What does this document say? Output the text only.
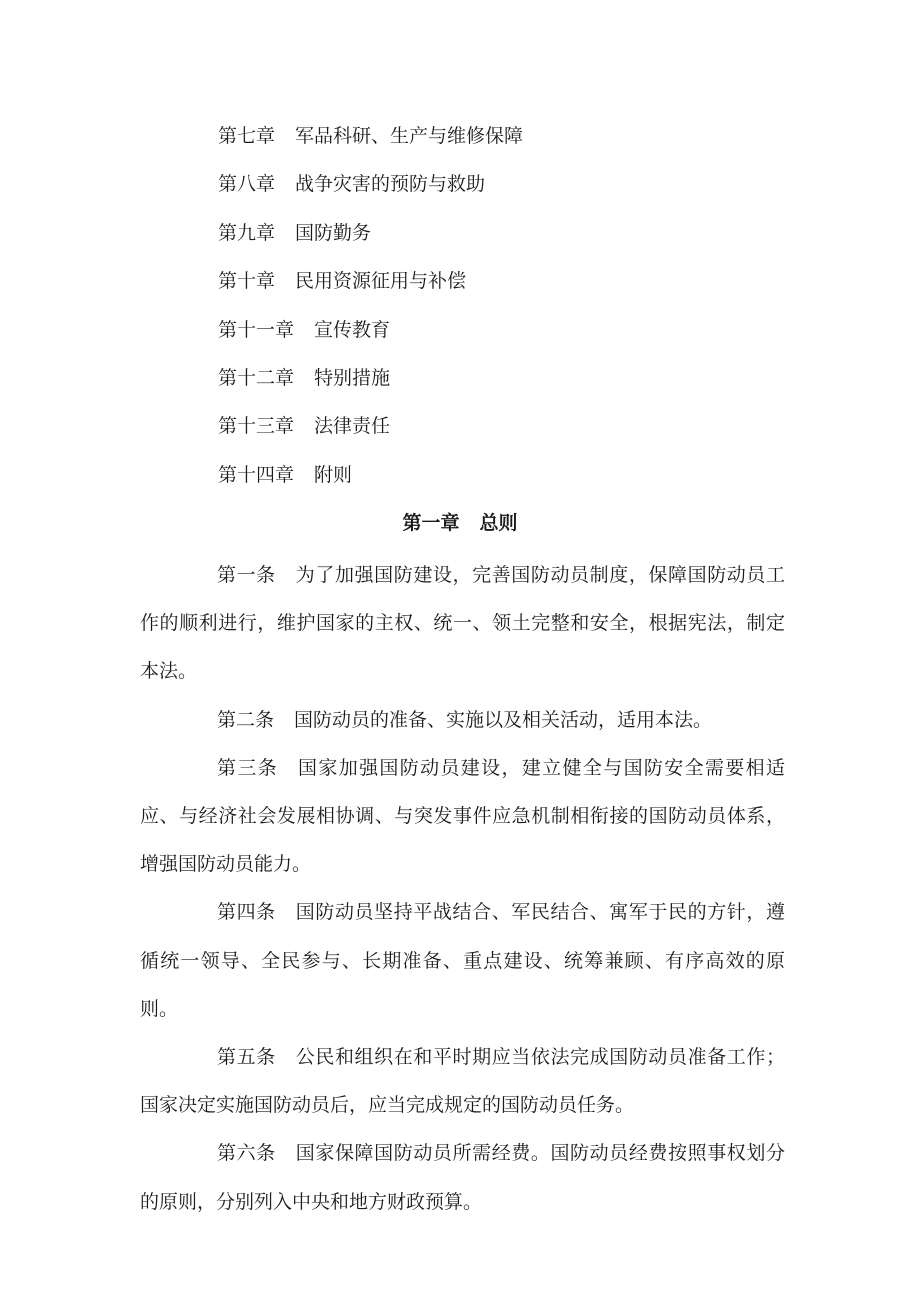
第七章 军品科研、生产与维修保障
第八章 战争灾害的预防与救助
第九章 国防勤务
第十章 民用资源征用与补偿
第十一章 宣传教育
第十二章 特别措施
第十三章 法律责任
第十四章 附则
第一章 总则

第一条 为了加强国防建设，完善国防动员制度，保障国防动员工作的顺利进行，维护国家的主权、统一、领土完整和安全，根据宪法，制定本法。

第二条 国防动员的准备、实施以及相关活动，适用本法。

第三条 国家加强国防动员建设，建立健全与国防安全需要相适应、与经济社会发展相协调、与突发事件应急机制相衔接的国防动员体系，增强国防动员能力。

第四条 国防动员坚持平战结合、军民结合、寓军于民的方针，遵循统一领导、全民参与、长期准备、重点建设、统筹兼顾、有序高效的原则。

第五条 公民和组织在和平时期应当依法完成国防动员准备工作；国家决定实施国防动员后，应当完成规定的国防动员任务。

第六条 国家保障国防动员所需经费。国防动员经费按照事权划分的原则，分别列入中央和地方财政预算。
